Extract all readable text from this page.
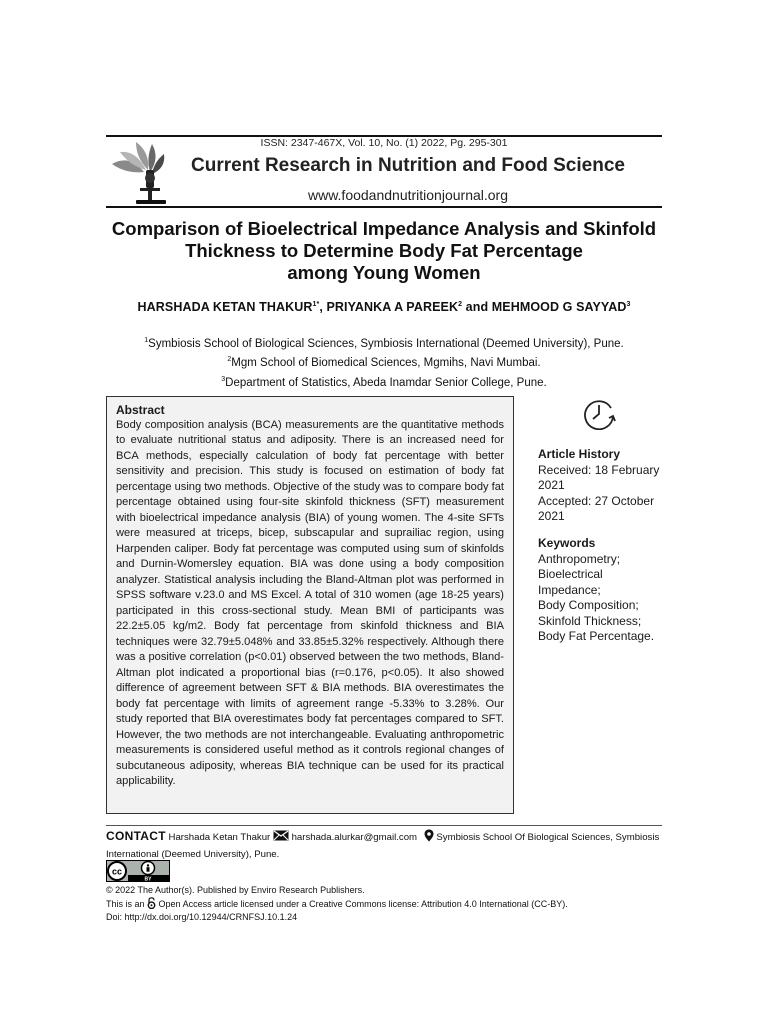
ISSN: 2347-467X, Vol. 10, No. (1) 2022, Pg. 295-301
Current Research in Nutrition and Food Science
www.foodandnutritionjournal.org
Comparison of Bioelectrical Impedance Analysis and Skinfold
Thickness to Determine Body Fat Percentage
among Young Women
HARSHADA KETAN $THAKUR^{1*}$, PRIYANKA A PAREEK$^2$ and MEHMOOD G SAYYAD$^3$
$^1$Symbiosis School of Biological Sciences, Symbiosis International (Deemed University), Pune.
$^2$Mgm School of Biomedical Sciences, Mgmihs, Navi Mumbai.
$^3$Department of Statistics, Abeda Inamdar Senior College, Pune.
Abstract
Body composition analysis (BCA) measurements are the quantitative methods to evaluate nutritional status and adiposity. There is an increased need for BCA methods, especially calculation of body fat percentage with better sensitivity and precision. This study is focused on estimation of body fat percentage using two methods. Objective of the study was to compare body fat percentage obtained using four-site skinfold thickness (SFT) measurement with bioelectrical impedance analysis (BIA) of young women. The 4-site SFTs were measured at triceps, bicep, subscapular and suprailiac region, using Harpenden caliper. Body fat percentage was computed using sum of skinfolds and Durnin-Womersley equation. BIA was done using a body composition analyzer. Statistical analysis including the Bland-Altman plot was performed in SPSS software v.23.0 and MS Excel. A total of 310 women (age 18-25 years) participated in this cross-sectional study. Mean BMI of participants was 22.2±5.05 kg/m2. Body fat percentage from skinfold thickness and BIA techniques were 32.79±5.048% and 33.85±5.32% respectively. Although there was a positive correlation (p<0.01) observed between the two methods, Bland-Altman plot indicated a proportional bias (r=0.176, p<0.05). It also showed difference of agreement between SFT & BIA methods. BIA overestimates the body fat percentage with limits of agreement range -5.33% to 3.28%. Our study reported that BIA overestimates body fat percentages compared to SFT. However, the two methods are not interchangeable. Evaluating anthropometric measurements is considered useful method as it controls regional changes of subcutaneous adiposity, whereas BIA technique can be used for its practical applicability.
Article History
Received: 18 February
2021
Accepted: 27 October
2021
Keywords
Anthropometry;
Bioelectrical
Impedance;
Body Composition;
Skinfold Thickness;
Body Fat Percentage.
CONTACT Harshada Ketan Thakur harshada.alurkar@gmail.com Symbiosis School Of Biological Sciences, Symbiosis International (Deemed University), Pune.
cc
BY
© 2022 The Author(s). Published by Enviro Research Publishers.
This is an Open Access article licensed under a Creative Commons license: Attribution 4.0 International (CC-BY).
Doi: http://dx.doi.org/10.12944/CRNFSJ.10.1.24
